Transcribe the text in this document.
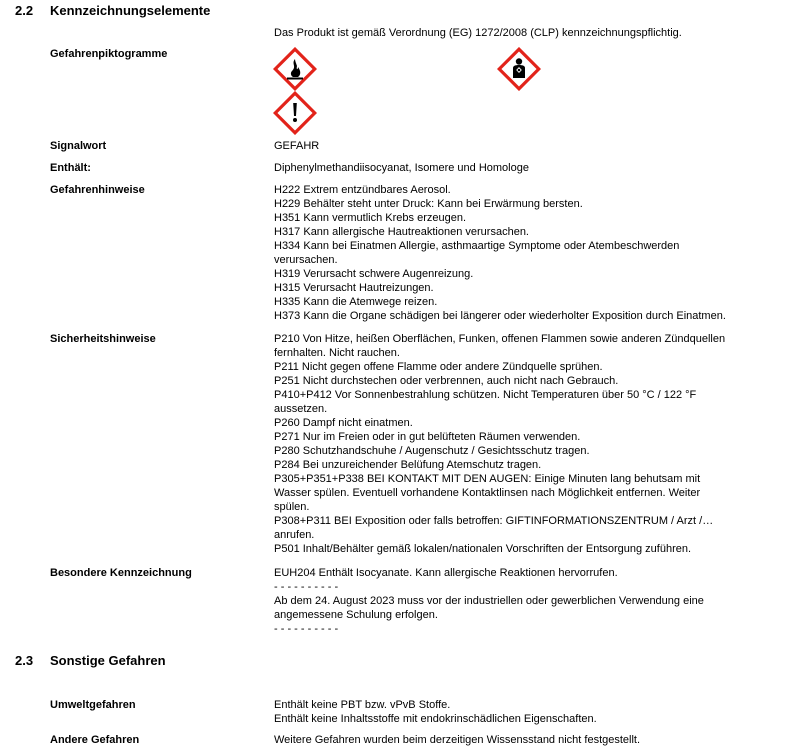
2.2 Kennzeichnungselemente
Das Produkt ist gemäß Verordnung (EG) 1272/2008 (CLP) kennzeichnungspflichtig.
Gefahrenpiktogramme
Signalwort	GEFAHR
Enthält:	Diphenylmethandiisocyanat, Isomere und Homologe
Gefahrenhinweise	H222 Extrem entzündbares Aerosol.
H229 Behälter steht unter Druck: Kann bei Erwärmung bersten.
H351 Kann vermutlich Krebs erzeugen.
H317 Kann allergische Hautreaktionen verursachen.
H334 Kann bei Einatmen Allergie, asthmaartige Symptome oder Atembeschwerden
verursachen.
H319 Verursacht schwere Augenreizung.
H315 Verursacht Hautreizungen.
H335 Kann die Atemwege reizen.
H373 Kann die Organe schädigen bei längerer oder wiederholter Exposition durch Einatmen.
Sicherheitshinweise	P210 Von Hitze, heißen Oberflächen, Funken, offenen Flammen sowie anderen Zündquellen
fernhalten. Nicht rauchen.
P211 Nicht gegen offene Flamme oder andere Zündquelle sprühen.
P251 Nicht durchstechen oder verbrennen, auch nicht nach Gebrauch.
P410+P412 Vor Sonnenbestrahlung schützen. Nicht Temperaturen über 50 °C / 122 °F
aussetzen.
P260 Dampf nicht einatmen.
P271 Nur im Freien oder in gut belüfteten Räumen verwenden.
P280 Schutzhandschuhe / Augenschutz / Gesichtsschutz tragen.
P284 Bei unzureichender Belüfung Atemschutz tragen.
P305+P351+P338 BEI KONTAKT MIT DEN AUGEN: Einige Minuten lang behutsam mit
Wasser spülen. Eventuell vorhandene Kontaktlinsen nach Möglichkeit entfernen. Weiter
spülen.
P308+P311 BEI Exposition oder falls betroffen: GIFTINFORMATIONSZENTRUM / Arzt /…
anrufen.
P501 Inhalt/Behälter gemäß lokalen/nationalen Vorschriften der Entsorgung zuführen.
Besondere Kennzeichnung	EUH204 Enthält Isocyanate. Kann allergische Reaktionen hervorrufen.
- - - - - - - - - -
Ab dem 24. August 2023 muss vor der industriellen oder gewerblichen Verwendung eine
angemessene Schulung erfolgen.
- - - - - - - - - -
2.3 Sonstige Gefahren
Umweltgefahren	Enthält keine PBT bzw. vPvB Stoffe.
Enthält keine Inhaltsstoffe mit endokrinschädlichen Eigenschaften.
Andere Gefahren	Weitere Gefahren wurden beim derzeitigen Wissensstand nicht festgestellt.
